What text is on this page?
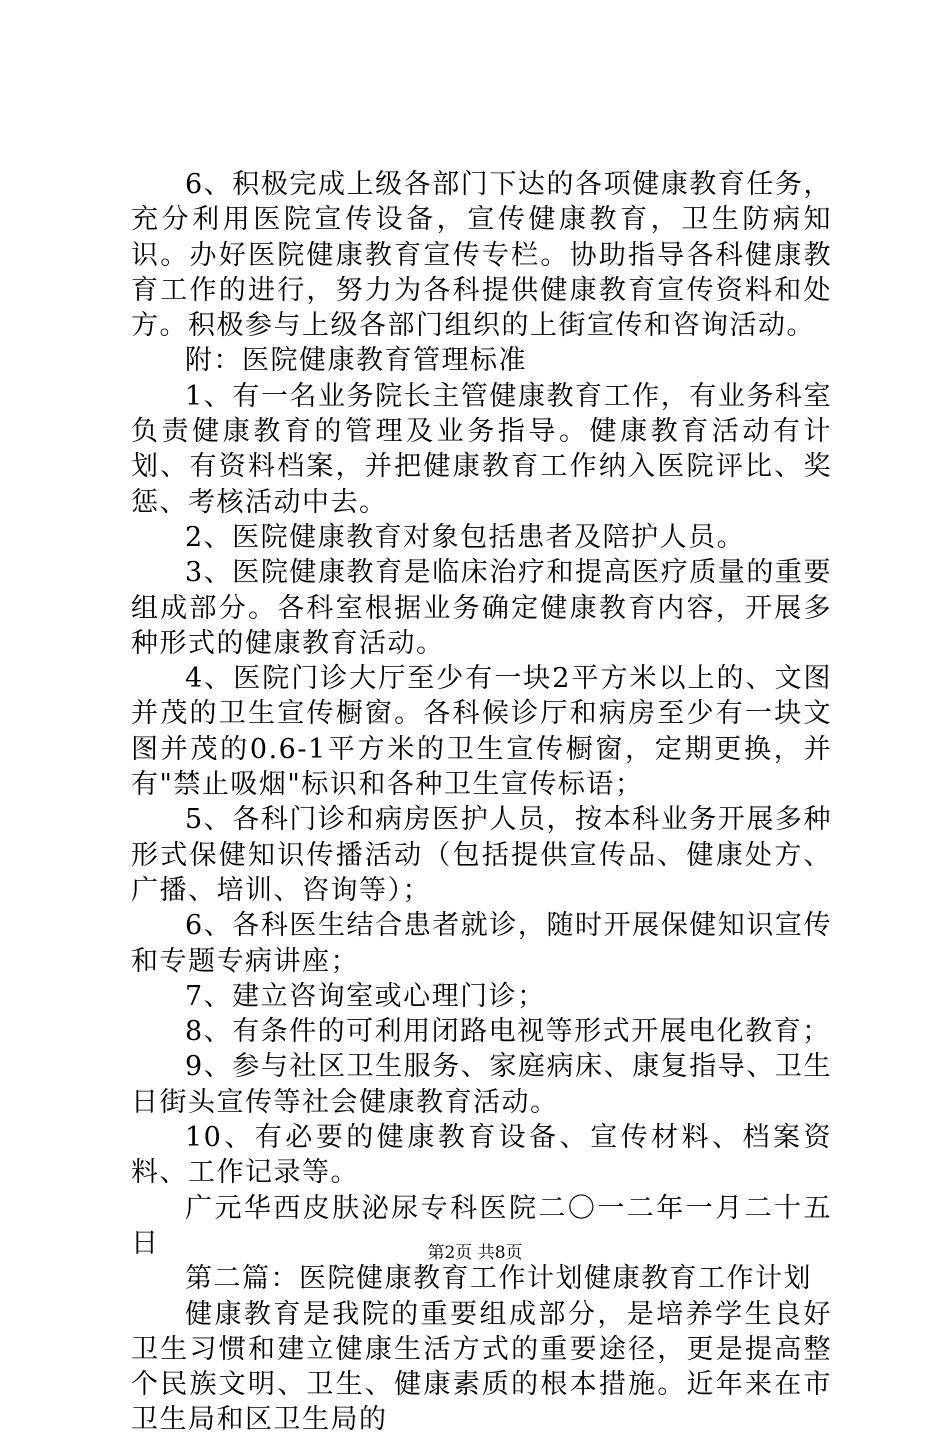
6、积极完成上级各部门下达的各项健康教育任务，充分利用医院宣传设备，宣传健康教育，卫生防病知识。办好医院健康教育宣传专栏。协助指导各科健康教育工作的进行，努力为各科提供健康教育宣传资料和处方。积极参与上级各部门组织的上街宣传和咨询活动。

附：医院健康教育管理标准

1、有一名业务院长主管健康教育工作，有业务科室负责健康教育的管理及业务指导。健康教育活动有计划、有资料档案，并把健康教育工作纳入医院评比、奖惩、考核活动中去。

2、医院健康教育对象包括患者及陪护人员。

3、医院健康教育是临床治疗和提高医疗质量的重要组成部分。各科室根据业务确定健康教育内容，开展多种形式的健康教育活动。

4、医院门诊大厅至少有一块2平方米以上的、文图并茂的卫生宣传橱窗。各科候诊厅和病房至少有一块文图并茂的0.6-1平方米的卫生宣传橱窗，定期更换，并有"禁止吸烟"标识和各种卫生宣传标语；

5、各科门诊和病房医护人员，按本科业务开展多种形式保健知识传播活动（包括提供宣传品、健康处方、广播、培训、咨询等）；

6、各科医生结合患者就诊，随时开展保健知识宣传和专题专病讲座；

7、建立咨询室或心理门诊；

8、有条件的可利用闭路电视等形式开展电化教育；

9、参与社区卫生服务、家庭病床、康复指导、卫生日街头宣传等社会健康教育活动。

10、有必要的健康教育设备、宣传材料、档案资料、工作记录等。

广元华西皮肤泌尿专科医院二〇一二年一月二十五日

第二篇：医院健康教育工作计划健康教育工作计划

健康教育是我院的重要组成部分，是培养学生良好卫生习惯和建立健康生活方式的重要途径，更是提高整个民族文明、卫生、健康素质的根本措施。近年来在市卫生局和区卫生局的

第2页 共8页
